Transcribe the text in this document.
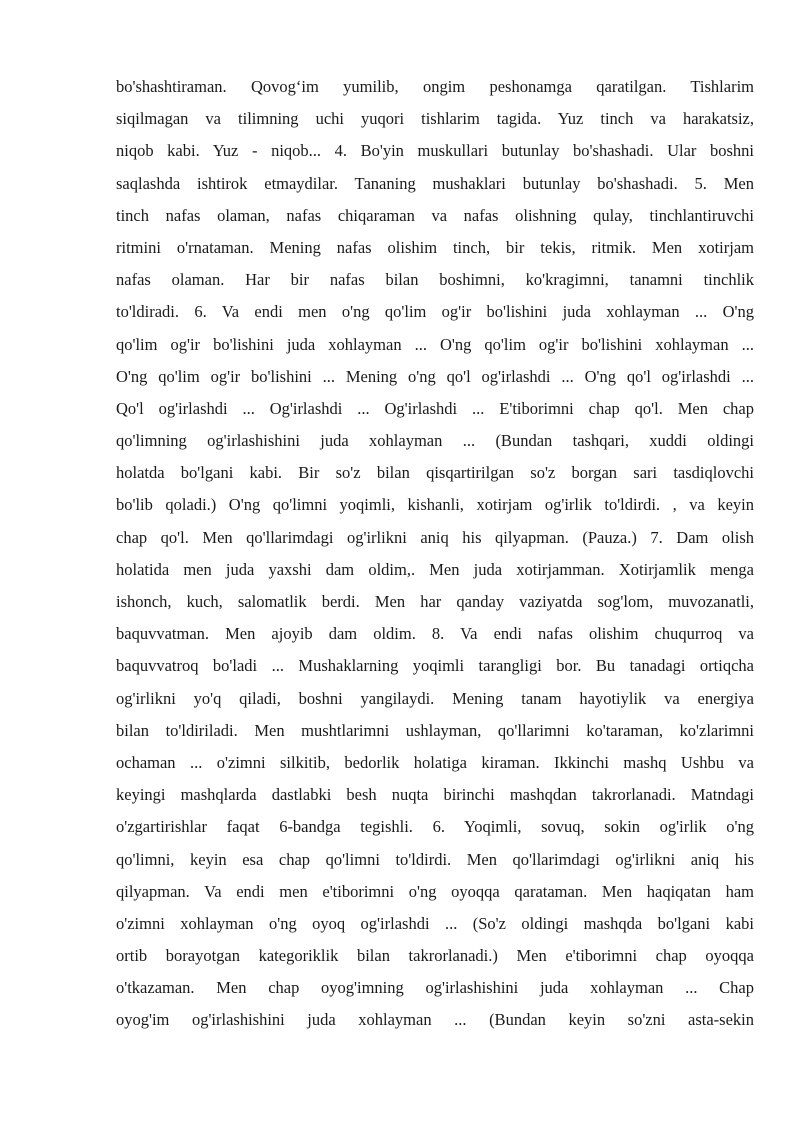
bo'shashtiraman. Qovog‘im yumilib, ongim peshonamga qaratilgan. Tishlarim
siqilmagan va tilimning uchi yuqori tishlarim tagida. Yuz tinch va harakatsiz,
niqob kabi. Yuz - niqob... 4. Bo'yin muskullari butunlay bo'shashadi. Ular boshni
saqlashda ishtirok etmaydilar. Tananing mushaklari butunlay bo'shashadi. 5. Men
tinch nafas olaman, nafas chiqaraman va nafas olishning qulay, tinchlantiruvchi
ritmini o'rnataman. Mening nafas olishim tinch, bir tekis, ritmik. Men xotirjam
nafas olaman. Har bir nafas bilan boshimni, ko'kragimni, tanamni tinchlik
to'ldiradi. 6. Va endi men o'ng qo'lim og'ir bo'lishini juda xohlayman ... O'ng
qo'lim og'ir bo'lishini juda xohlayman ... O'ng qo'lim og'ir bo'lishini xohlayman ...
O'ng qo'lim og'ir bo'lishini ... Mening o'ng qo'l og'irlashdi ... O'ng qo'l og'irlashdi ...
Qo'l og'irlashdi ... Og'irlashdi ... Og'irlashdi ... E'tiborimni chap qo'l. Men chap
qo'limning og'irlashishini juda xohlayman ... (Bundan tashqari, xuddi oldingi
holatda bo'lgani kabi. Bir so'z bilan qisqartirilgan so'z borgan sari tasdiqlovchi
bo'lib qoladi.) O'ng qo'limni yoqimli, kishanli, xotirjam og'irlik to'ldirdi. , va keyin
chap qo'l. Men qo'llarimdagi og'irlikni aniq his qilyapman. (Pauza.) 7. Dam olish
holatida men juda yaxshi dam oldim,. Men juda xotirjamman. Xotirjamlik menga
ishonch, kuch, salomatlik berdi. Men har qanday vaziyatda sog'lom, muvozanatli,
baquvvatman. Men ajoyib dam oldim. 8. Va endi nafas olishim chuqurroq va
baquvvatroq bo'ladi ... Mushaklarning yoqimli tarangligi bor. Bu tanadagi ortiqcha
og'irlikni yo'q qiladi, boshni yangilaydi. Mening tanam hayotiylik va energiya
bilan to'ldiriladi. Men mushtlarimni ushlayman, qo'llarimni ko'taraman, ko'zlarimni
ochaman ... o'zimni silkitib, bedorlik holatiga kiraman. Ikkinchi mashq Ushbu va
keyingi mashqlarda dastlabki besh nuqta birinchi mashqdan takrorlanadi. Matndagi
o'zgartirishlar faqat 6-bandga tegishli. 6. Yoqimli, sovuq, sokin og'irlik o'ng
qo'limni, keyin esa chap qo'limni to'ldirdi. Men qo'llarimdagi og'irlikni aniq his
qilyapman. Va endi men e'tiborimni o'ng oyoqqa qarataman. Men haqiqatan ham
o'zimni xohlayman o'ng oyoq og'irlashdi ... (So'z oldingi mashqda bo'lgani kabi
ortib borayotgan kategoriklik bilan takrorlanadi.) Men e'tiborimni chap oyoqqa
o'tkazaman. Men chap oyog'imning og'irlashishini juda xohlayman ... Chap
oyog'im og'irlashishini juda xohlayman ... (Bundan keyin so'zni asta-sekin
